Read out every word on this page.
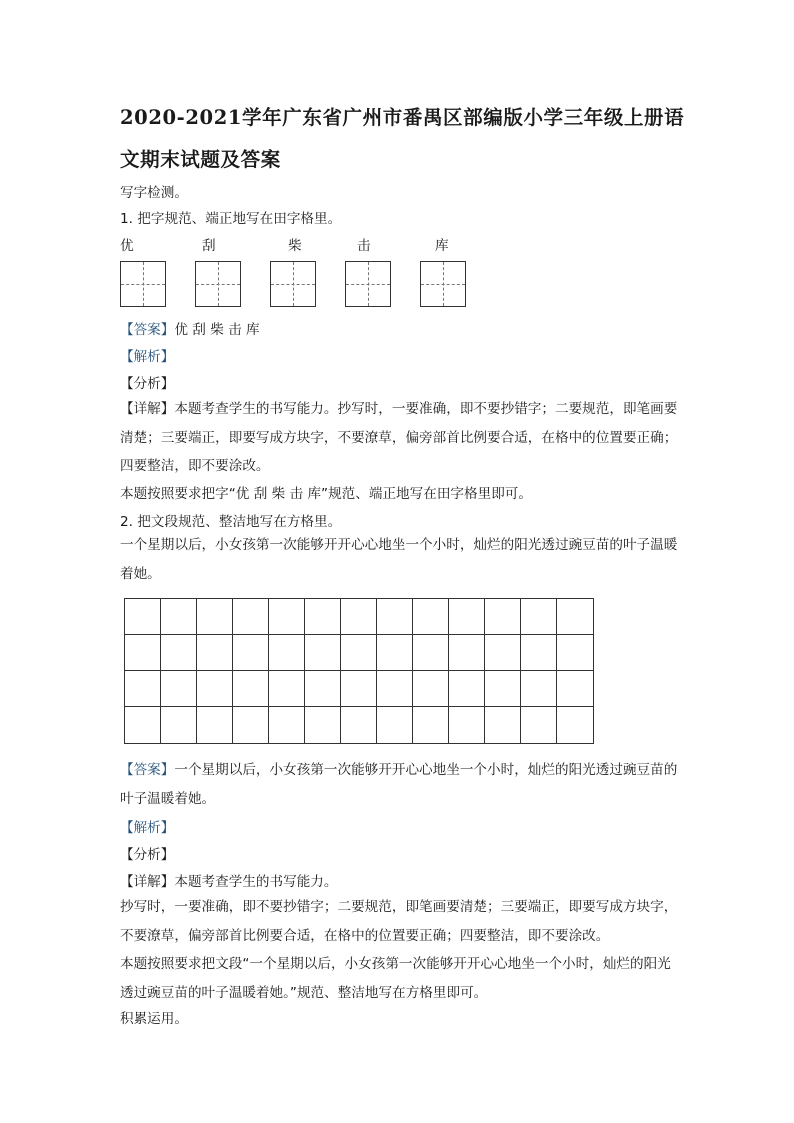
2020-2021学年广东省广州市番禺区部编版小学三年级上册语文期末试题及答案
写字检测。
1. 把字规范、端正地写在田字格里。
优	刮	柴	击	库
【答案】优 刮 柴 击 库
【解析】
【分析】
【详解】本题考查学生的书写能力。抄写时，一要准确，即不要抄错字；二要规范，即笔画要清楚；三要端正，即要写成方块字，不要潦草，偏旁部首比例要合适，在格中的位置要正确；四要整洁，即不要涂改。
本题按照要求把字“优 刮 柴 击 库”规范、端正地写在田字格里即可。
2. 把文段规范、整洁地写在方格里。
一个星期以后，小女孩第一次能够开开心心地坐一个小时，灿烂的阳光透过豌豆苗的叶子温暖着她。
【答案】一个星期以后，小女孩第一次能够开开心心地坐一个小时，灿烂的阳光透过豌豆苗的叶子温暖着她。
【解析】
【分析】
【详解】本题考查学生的书写能力。
抄写时，一要准确，即不要抄错字；二要规范，即笔画要清楚；三要端正，即要写成方块字，不要潦草，偏旁部首比例要合适，在格中的位置要正确；四要整洁，即不要涂改。
本题按照要求把文段“一个星期以后，小女孩第一次能够开开心心地坐一个小时，灿烂的阳光透过豌豆苗的叶子温暖着她。”规范、整洁地写在方格里即可。
积累运用。
